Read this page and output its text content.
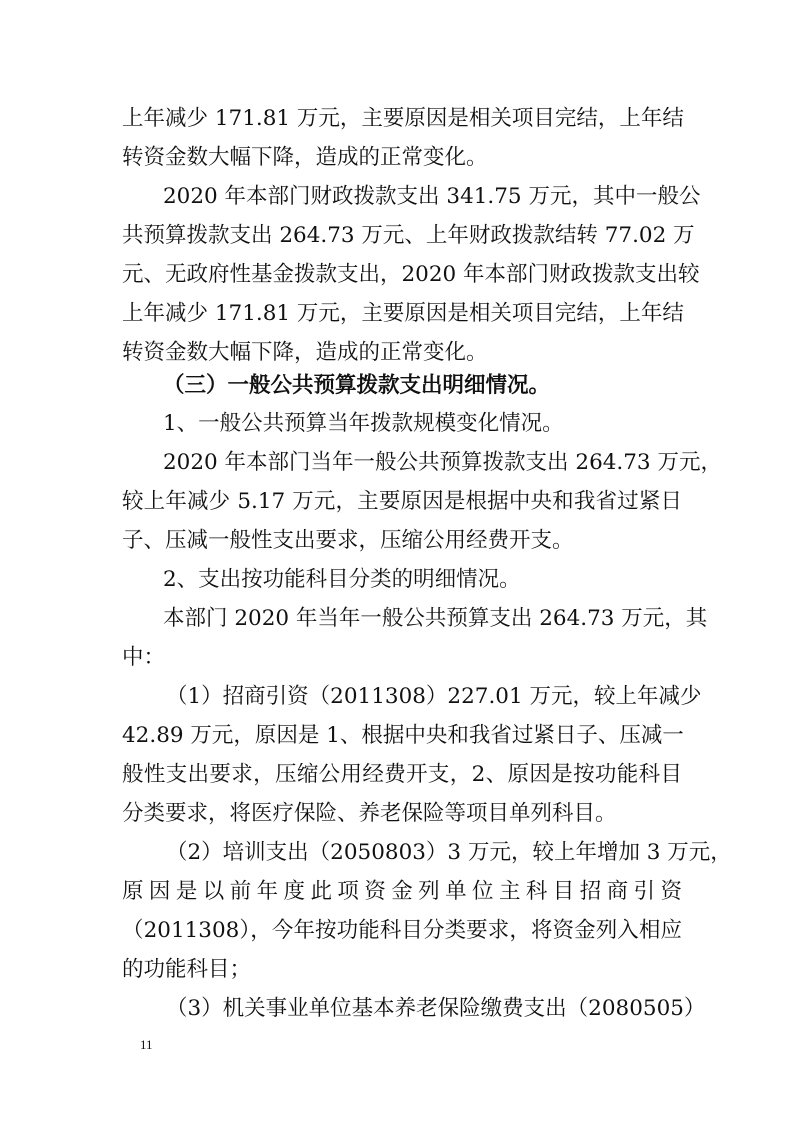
上年减少 171.81 万元，主要原因是相关项目完结，上年结
转资金数大幅下降，造成的正常变化。
2020 年本部门财政拨款支出 341.75 万元，其中一般公
共预算拨款支出 264.73 万元、上年财政拨款结转 77.02 万
元、无政府性基金拨款支出，2020 年本部门财政拨款支出较
上年减少 171.81 万元，主要原因是相关项目完结，上年结
转资金数大幅下降，造成的正常变化。
（三）一般公共预算拨款支出明细情况。
1、一般公共预算当年拨款规模变化情况。
2020 年本部门当年一般公共预算拨款支出 264.73 万元，
较上年减少 5.17 万元，主要原因是根据中央和我省过紧日
子、压减一般性支出要求，压缩公用经费开支。
2、支出按功能科目分类的明细情况。
本部门 2020 年当年一般公共预算支出 264.73 万元，其
中：
（1）招商引资（2011308）227.01 万元，较上年减少
42.89 万元，原因是 1、根据中央和我省过紧日子、压减一
般性支出要求，压缩公用经费开支，2、原因是按功能科目
分类要求，将医疗保险、养老保险等项目单列科目。
（2）培训支出（2050803）3 万元，较上年增加 3 万元，
原因是以前年度此项资金列单位主科目招商引资
（2011308），今年按功能科目分类要求，将资金列入相应
的功能科目；
（3）机关事业单位基本养老保险缴费支出（2080505）
11
